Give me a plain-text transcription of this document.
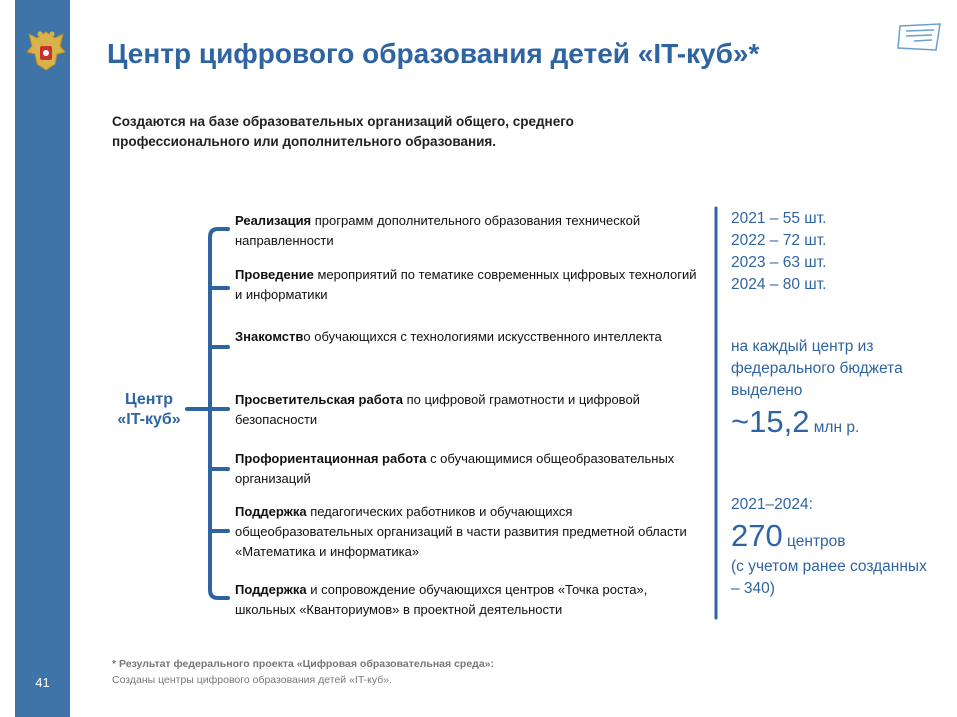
41
Центр цифрового образования детей «IT-куб»*
Создаются на базе образовательных организаций общего, среднего профессионального или дополнительного образования.
Центр
«IT-куб»
Реализация программ дополнительного образования технической направленности
Проведение мероприятий по тематике современных цифровых технологий и информатики
Знакомство обучающихся с технологиями искусственного интеллекта
Просветительская работа по цифровой грамотности и цифровой безопасности
Профориентационная работа с обучающимися общеобразовательных организаций
Поддержка педагогических работников и обучающихся общеобразовательных организаций в части развития предметной области «Математика и информатика»
Поддержка и сопровождение обучающихся центров «Точка роста», школьных «Кванториумов» в проектной деятельности
2021 – 55 шт.
2022 – 72 шт.
2023 – 63 шт.
2024 – 80 шт.
на каждый центр из федерального бюджета выделено
~15,2 млн р.
2021–2024:
270 центров
(с учетом ранее созданных – 340)
* Результат федерального проекта «Цифровая образовательная среда»:
Созданы центры цифрового образования детей «IT-куб».
